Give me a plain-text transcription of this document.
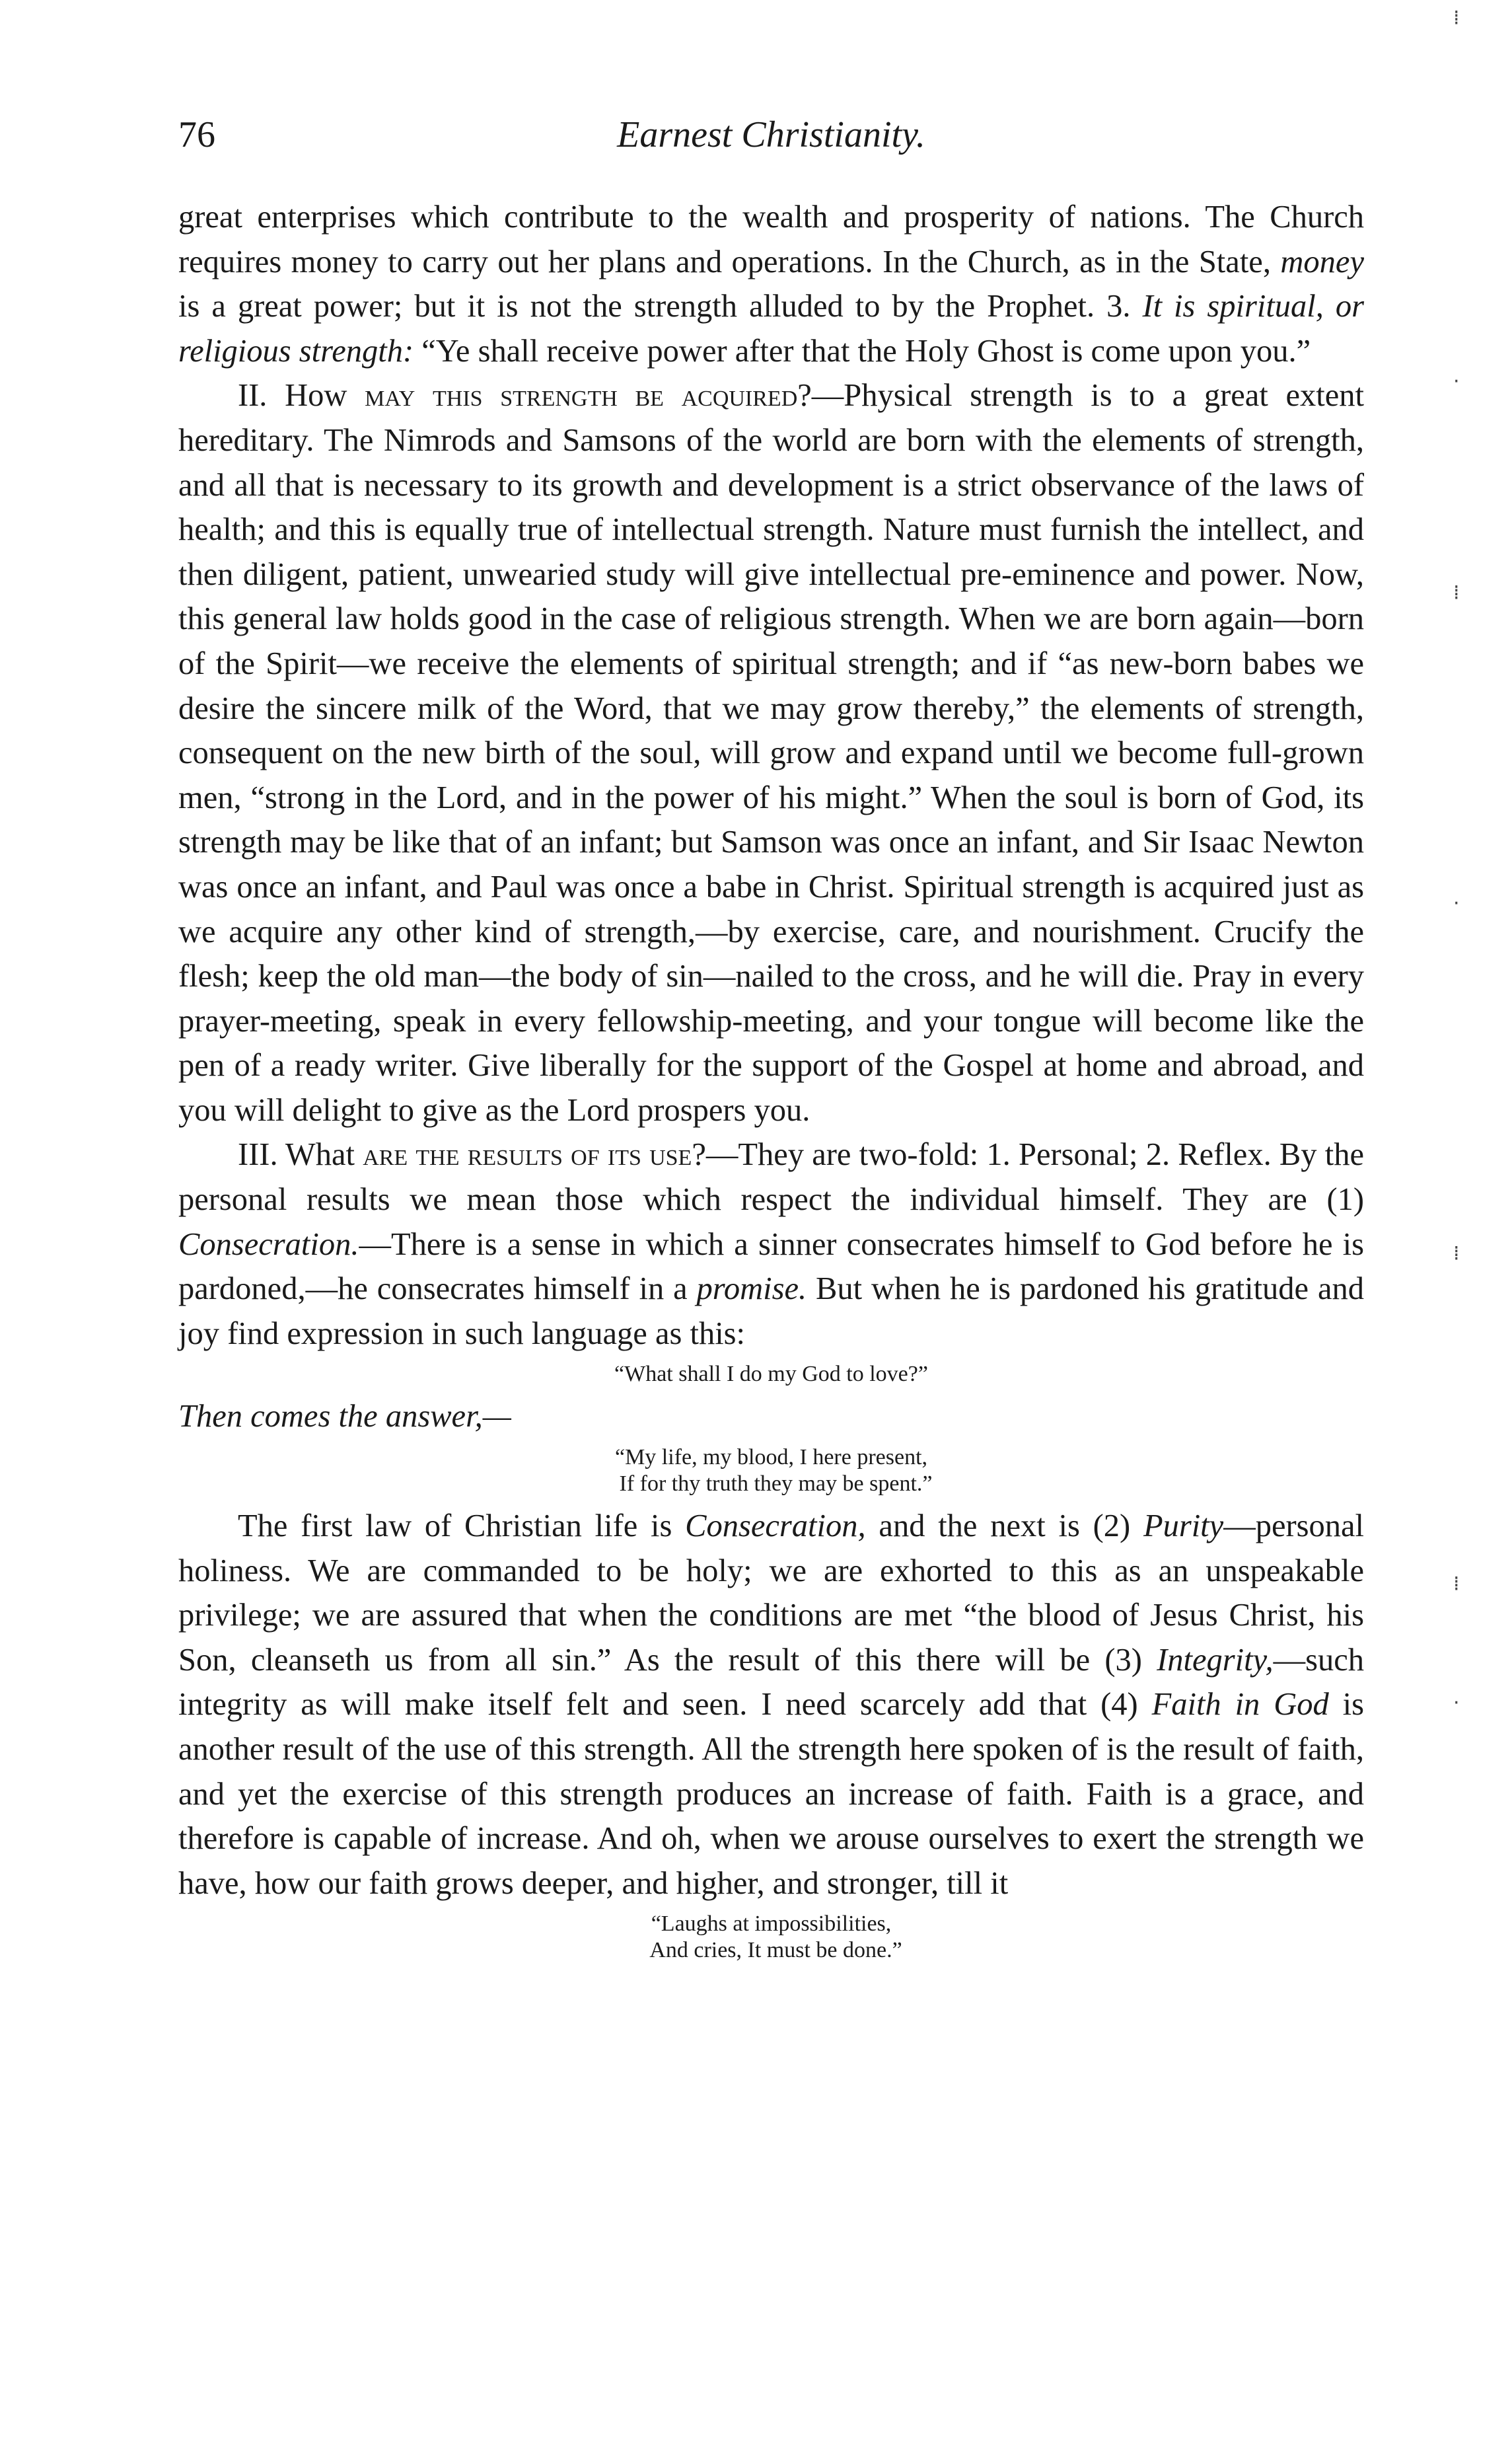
76	Earnest Christianity.

great enterprises which contribute to the wealth and prosperity of nations. The Church requires money to carry out her plans and operations. In the Church, as in the State, money is a great power; but it is not the strength alluded to by the Prophet. 3. It is spiritual, or religious strength: “Ye shall receive power after that the Holy Ghost is come upon you.”

II. How may this strength be acquired?—Physical strength is to a great extent hereditary. The Nimrods and Samsons of the world are born with the elements of strength, and all that is necessary to its growth and development is a strict observance of the laws of health; and this is equally true of intellectual strength. Nature must furnish the intellect, and then diligent, patient, unwearied study will give intellectual pre-eminence and power. Now, this general law holds good in the case of religious strength. When we are born again—born of the Spirit—we receive the elements of spiritual strength; and if “as new-born babes we desire the sincere milk of the Word, that we may grow thereby,” the elements of strength, consequent on the new birth of the soul, will grow and expand until we become full-grown men, “strong in the Lord, and in the power of his might.” When the soul is born of God, its strength may be like that of an infant; but Samson was once an infant, and Sir Isaac Newton was once an infant, and Paul was once a babe in Christ. Spiritual strength is acquired just as we acquire any other kind of strength,—by exercise, care, and nourishment. Crucify the flesh; keep the old man—the body of sin—nailed to the cross, and he will die. Pray in every prayer-meeting, speak in every fellowship-meeting, and your tongue will become like the pen of a ready writer. Give liberally for the support of the Gospel at home and abroad, and you will delight to give as the Lord prospers you.

III. What are the results of its use?—They are two-fold: 1. Personal; 2. Reflex. By the personal results we mean those which respect the individual himself. They are (1) Consecration.—There is a sense in which a sinner consecrates himself to God before he is pardoned,—he consecrates himself in a promise. But when he is pardoned his gratitude and joy find expression in such language as this:

“What shall I do my God to love?”

Then comes the answer,—

“My life, my blood, I here present,

If for thy truth they may be spent.”

The first law of Christian life is Consecration, and the next is (2) Purity—personal holiness. We are commanded to be holy; we are exhorted to this as an unspeakable privilege; we are assured that when the conditions are met “the blood of Jesus Christ, his Son, cleanseth us from all sin.” As the result of this there will be (3) Integrity,—such integrity as will make itself felt and seen. I need scarcely add that (4) Faith in God is another result of the use of this strength. All the strength here spoken of is the result of faith, and yet the exercise of this strength produces an increase of faith. Faith is a grace, and therefore is capable of increase. And oh, when we arouse ourselves to exert the strength we have, how our faith grows deeper, and higher, and stronger, till it

“Laughs at impossibilities,

And cries, It must be done.”
⁞
·
⁞
·
⁞
⁞
·
